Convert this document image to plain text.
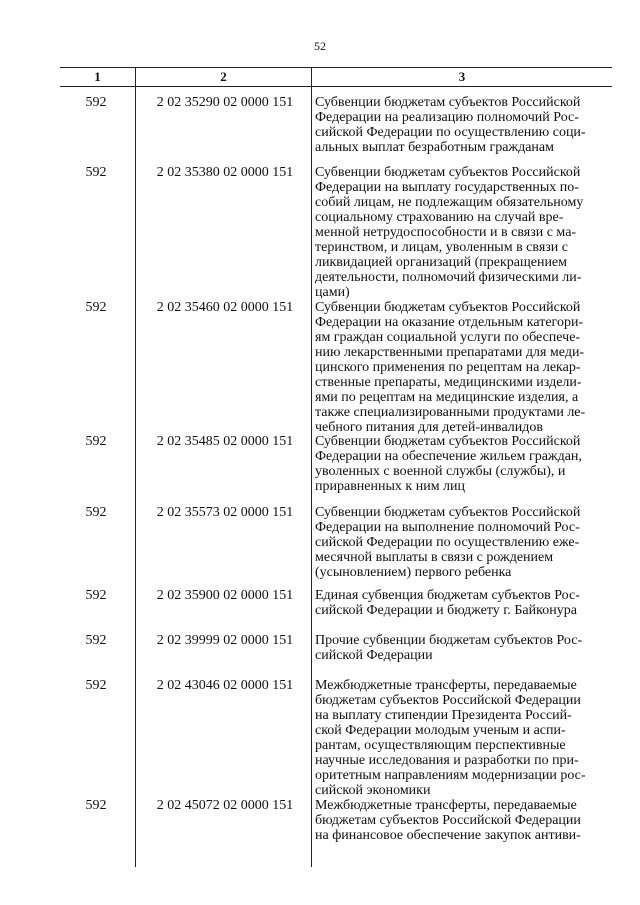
52
1	2	3
592	2 02 35290 02 0000 151	Субвенции бюджетам субъектов Российской
Федерации на реализацию полномочий Рос-
сийской Федерации по осуществлению соци-
альных выплат безработным гражданам
592	2 02 35380 02 0000 151	Субвенции бюджетам субъектов Российской
Федерации на выплату государственных по-
собий лицам, не подлежащим обязательному
социальному страхованию на случай вре-
менной нетрудоспособности и в связи с ма-
теринством, и лицам, уволенным в связи с
ликвидацией организаций (прекращением
деятельности, полномочий физическими ли-
цами)
592	2 02 35460 02 0000 151	Субвенции бюджетам субъектов Российской
Федерации на оказание отдельным категори-
ям граждан социальной услуги по обеспече-
нию лекарственными препаратами для меди-
цинского применения по рецептам на лекар-
ственные препараты, медицинскими издели-
ями по рецептам на медицинские изделия, а
также специализированными продуктами ле-
чебного питания для детей-инвалидов
592	2 02 35485 02 0000 151	Субвенции бюджетам субъектов Российской
Федерации на обеспечение жильем граждан,
уволенных с военной службы (службы), и
приравненных к ним лиц
592	2 02 35573 02 0000 151	Субвенции бюджетам субъектов Российской
Федерации на выполнение полномочий Рос-
сийской Федерации по осуществлению еже-
месячной выплаты в связи с рождением
(усыновлением) первого ребенка
592	2 02 35900 02 0000 151	Единая субвенция бюджетам субъектов Рос-
сийской Федерации и бюджету г. Байконура
592	2 02 39999 02 0000 151	Прочие субвенции бюджетам субъектов Рос-
сийской Федерации
592	2 02 43046 02 0000 151	Межбюджетные трансферты, передаваемые
бюджетам субъектов Российской Федерации
на выплату стипендии Президента Россий-
ской Федерации молодым ученым и аспи-
рантам, осуществляющим перспективные
научные исследования и разработки по при-
оритетным направлениям модернизации рос-
сийской экономики
592	2 02 45072 02 0000 151	Межбюджетные трансферты, передаваемые
бюджетам субъектов Российской Федерации
на финансовое обеспечение закупок антиви-
